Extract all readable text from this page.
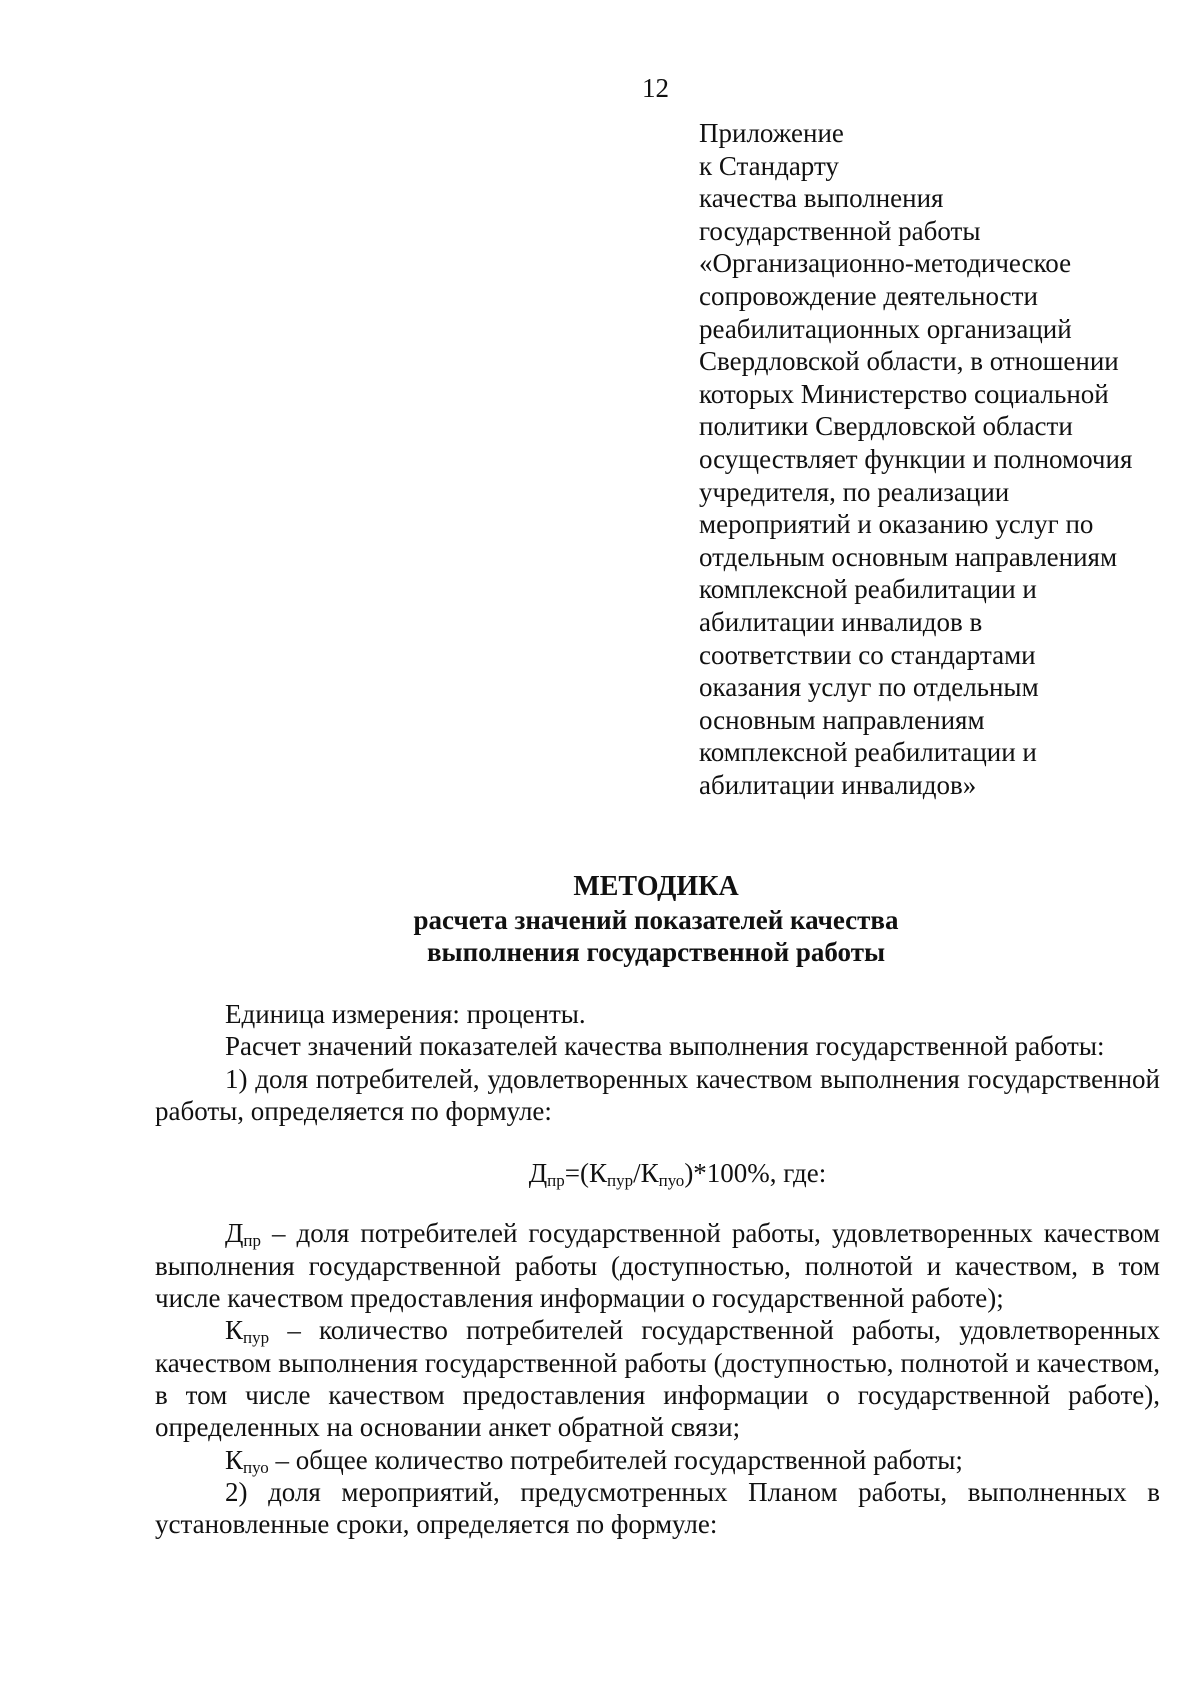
12
Приложение
к Стандарту
качества выполнения
государственной работы
«Организационно-методическое
сопровождение деятельности
реабилитационных организаций
Свердловской области, в отношении
которых Министерство социальной
политики Свердловской области
осуществляет функции и полномочия
учредителя, по реализации
мероприятий и оказанию услуг по
отдельным основным направлениям
комплексной реабилитации и
абилитации инвалидов в
соответствии со стандартами
оказания услуг по отдельным
основным направлениям
комплексной реабилитации и
абилитации инвалидов»
МЕТОДИКА
расчета значений показателей качества
выполнения государственной работы

Единица измерения: проценты.

Расчет значений показателей качества выполнения государственной работы:

1) доля потребителей, удовлетворенных качеством выполнения государственной работы, определяется по формуле:

$Д_{пр}=(К_{пур}/К_{пуо})*100\%$, где:

$Д_{пр}$ – доля потребителей государственной работы, удовлетворенных качеством выполнения государственной работы (доступностью, полнотой и качеством, в том числе качеством предоставления информации о государственной работе);

$К_{пур}$ – количество потребителей государственной работы, удовлетворенных качеством выполнения государственной работы (доступностью, полнотой и качеством, в том числе качеством предоставления информации о государственной работе), определенных на основании анкет обратной связи;

$К_{пуо}$ – общее количество потребителей государственной работы;

2) доля мероприятий, предусмотренных Планом работы, выполненных в установленные сроки, определяется по формуле:
